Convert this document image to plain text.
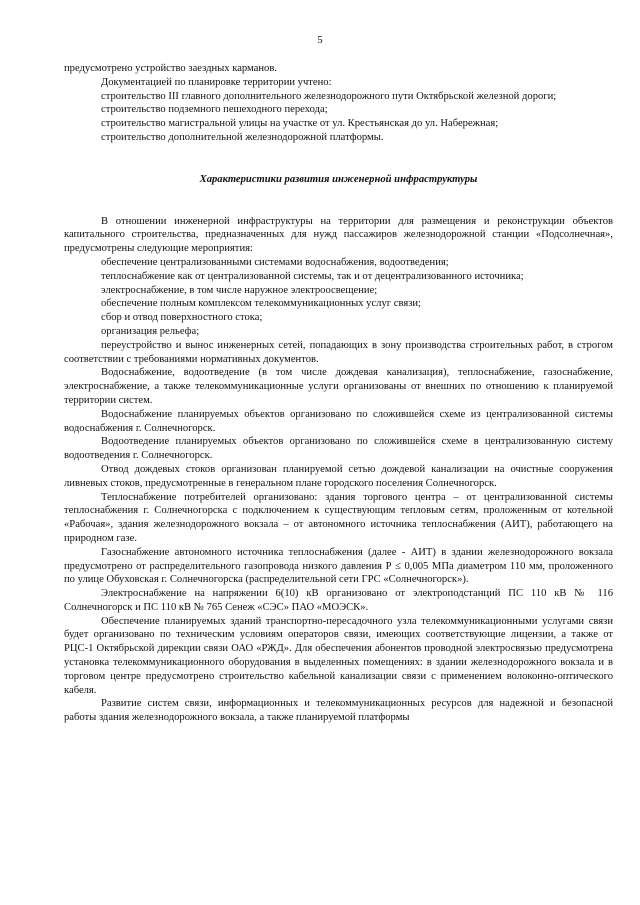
5

предусмотрено устройство заездных карманов.

Документацией по планировке территории учтено:

строительство III главного дополнительного железнодорожного пути Октябрьской железной дороги;

строительство подземного пешеходного перехода;

строительство магистральной улицы на участке от ул. Крестьянская до ул. Набережная;

строительство дополнительной железнодорожной платформы.

Характеристики развития инженерной инфраструктуры

В отношении инженерной инфраструктуры на территории для размещения и реконструкции объектов капитального строительства, предназначенных для нужд пассажиров железнодорожной станции «Подсолнечная», предусмотрены следующие мероприятия:

обеспечение централизованными системами водоснабжения, водоотведения;

теплоснабжение как от централизованной системы, так и от децентрализованного источника;

электроснабжение, в том числе наружное электроосвещение;

обеспечение полным комплексом телекоммуникационных услуг связи;

сбор и отвод поверхностного стока;

организация рельефа;

переустройство и вынос инженерных сетей, попадающих в зону производства строительных работ, в строгом соответствии с требованиями нормативных документов.

Водоснабжение, водоотведение (в том числе дождевая канализация), теплоснабжение, газоснабжение, электроснабжение, а также телекоммуникационные услуги организованы от внешних по отношению к планируемой территории систем.

Водоснабжение планируемых объектов организовано по сложившейся схеме из централизованной системы водоснабжения г. Солнечногорск.

Водоотведение планируемых объектов организовано по сложившейся схеме в централизованную систему водоотведения г. Солнечногорск.

Отвод дождевых стоков организован планируемой сетью дождевой канализации на очистные сооружения ливневых стоков, предусмотренные в генеральном плане городского поселения Солнечногорск.

Теплоснабжение потребителей организовано: здания торгового центра – от централизованной системы теплоснабжения г. Солнечногорска с подключением к существующим тепловым сетям, проложенным от котельной «Рабочая», здания железнодорожного вокзала – от автономного источника теплоснабжения (АИТ), работающего на природном газе.

Газоснабжение автономного источника теплоснабжения (далее - АИТ) в здании железнодорожного вокзала предусмотрено от распределительного газопровода низкого давления Р ≤ 0,005 МПа диаметром 110 мм, проложенного по улице Обуховская г. Солнечногорска (распределительной сети ГРС «Солнечногорск»).

Электроснабжение на напряжении 6(10) кВ организовано от электроподстанций ПС 110 кВ № 116 Солнечногорск и ПС 110 кВ № 765 Сенеж «СЭС» ПАО «МОЭСК».

Обеспечение планируемых зданий транспортно-пересадочного узла телекоммуникационными услугами связи будет организовано по техническим условиям операторов связи, имеющих соответствующие лицензии, а также от РЦС-1 Октябрьской дирекции связи ОАО «РЖД». Для обеспечения абонентов проводной электросвязью предусмотрена установка телекоммуникационного оборудования в выделенных помещениях: в здании железнодорожного вокзала и в торговом центре предусмотрено строительство кабельной канализации связи с применением волоконно-оптического кабеля.

Развитие систем связи, информационных и телекоммуникационных ресурсов для надежной и безопасной работы здания железнодорожного вокзала, а также планируемой платформы
